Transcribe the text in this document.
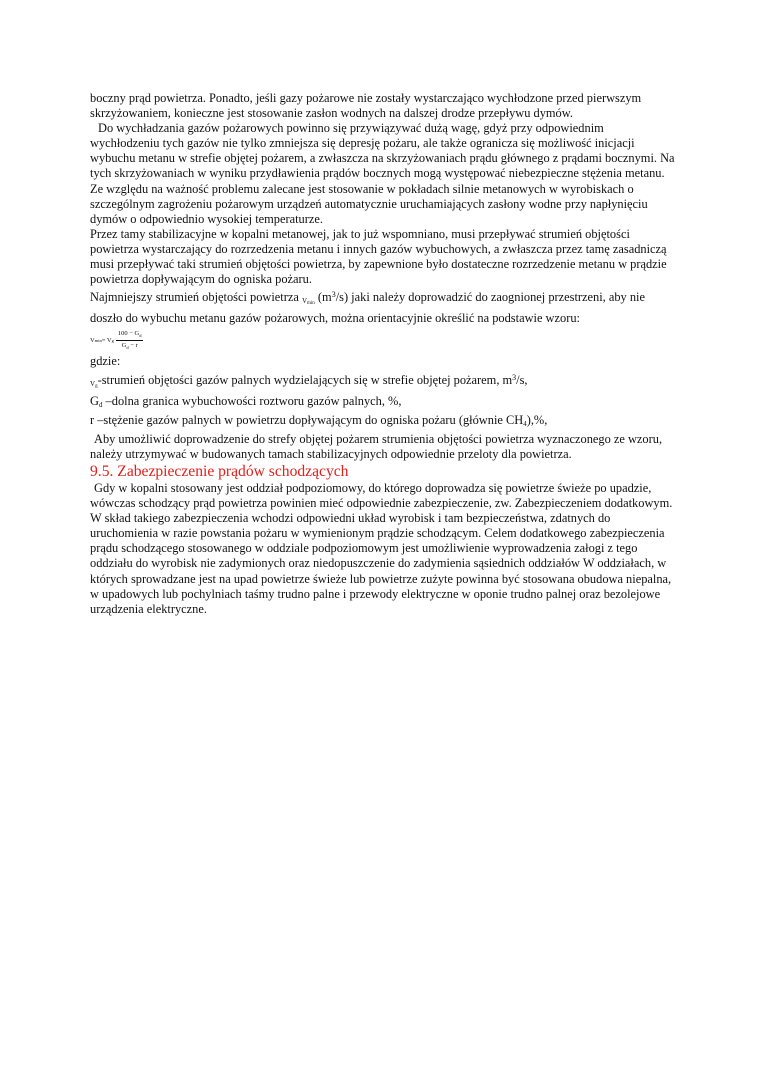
boczny prąd powietrza. Ponadto, jeśli gazy pożarowe nie zostały wystarczająco wychłodzone przed pierwszym skrzyżowaniem, konieczne jest stosowanie zasłon wodnych na dalszej drodze przepływu dymów.

Do wychładzania gazów pożarowych powinno się przywiązywać dużą wagę, gdyż przy odpowiednim wychłodzeniu tych gazów nie tylko zmniejsza się depresję pożaru, ale także ogranicza się możliwość inicjacji wybuchu metanu w strefie objętej pożarem, a zwłaszcza na skrzyżowaniach prądu głównego z prądami bocznymi. Na tych skrzyżowaniach w wyniku przydławienia prądów bocznych mogą występować niebezpieczne stężenia metanu. Ze względu na ważność problemu zalecane jest stosowanie w pokładach silnie metanowych w wyrobiskach o szczególnym zagrożeniu pożarowym urządzeń automatycznie uruchamiających zasłony wodne przy napłynięciu dymów o odpowiednio wysokiej temperaturze.

Przez tamy stabilizacyjne w kopalni metanowej, jak to już wspomniano, musi przepływać strumień objętości powietrza wystarczający do rozrzedzenia metanu i innych gazów wybuchowych, a zwłaszcza przez tamę zasadniczą musi przepływać taki strumień objętości powietrza, by zapewnione było dostateczne rozrzedzenie metanu w prądzie powietrza dopływającym do ogniska pożaru.

Najmniejszy strumień objętości powietrza $_{Vmin}$ $(m^3/s)$ jaki należy doprowadzić do zaognionej przestrzeni, aby nie doszło do wybuchu metanu gazów pożarowych, można orientacyjnie określić na podstawie wzoru:

V min = V g $\frac{100 - G_d}{G_d - r}$

gdzie:

$V_g$-strumień objętości gazów palnych wydzielających się w strefie objętej pożarem, $m^3/s$,

$G_d$ –dolna granica wybuchowości roztworu gazów palnych, %,

r –stężenie gazów palnych w powietrzu dopływającym do ogniska pożaru (głównie $CH_4),\%$,

Aby umożliwić doprowadzenie do strefy objętej pożarem strumienia objętości powietrza wyznaczonego ze wzoru, należy utrzymywać w budowanych tamach stabilizacyjnych odpowiednie przeloty dla powietrza.

9.5. Zabezpieczenie prądów schodzących

Gdy w kopalni stosowany jest oddział podpoziomowy, do którego doprowadza się powietrze świeże po upadzie, wówczas schodzący prąd powietrza powinien mieć odpowiednie zabezpieczenie, zw. Zabezpieczeniem dodatkowym. W skład takiego zabezpieczenia wchodzi odpowiedni układ wyrobisk i tam bezpieczeństwa, zdatnych do uruchomienia w razie powstania pożaru w wymienionym prądzie schodzącym. Celem dodatkowego zabezpieczenia prądu schodzącego stosowanego w oddziale podpoziomowym jest umożliwienie wyprowadzenia załogi z tego oddziału do wyrobisk nie zadymionych oraz niedopuszczenie do zadymienia sąsiednich oddziałów W oddziałach, w których sprowadzane jest na upad powietrze świeże lub powietrze zużyte powinna być stosowana obudowa niepalna, w upadowych lub pochylniach taśmy trudno palne i przewody elektryczne w oponie trudno palnej oraz bezolejowe urządzenia elektryczne.
